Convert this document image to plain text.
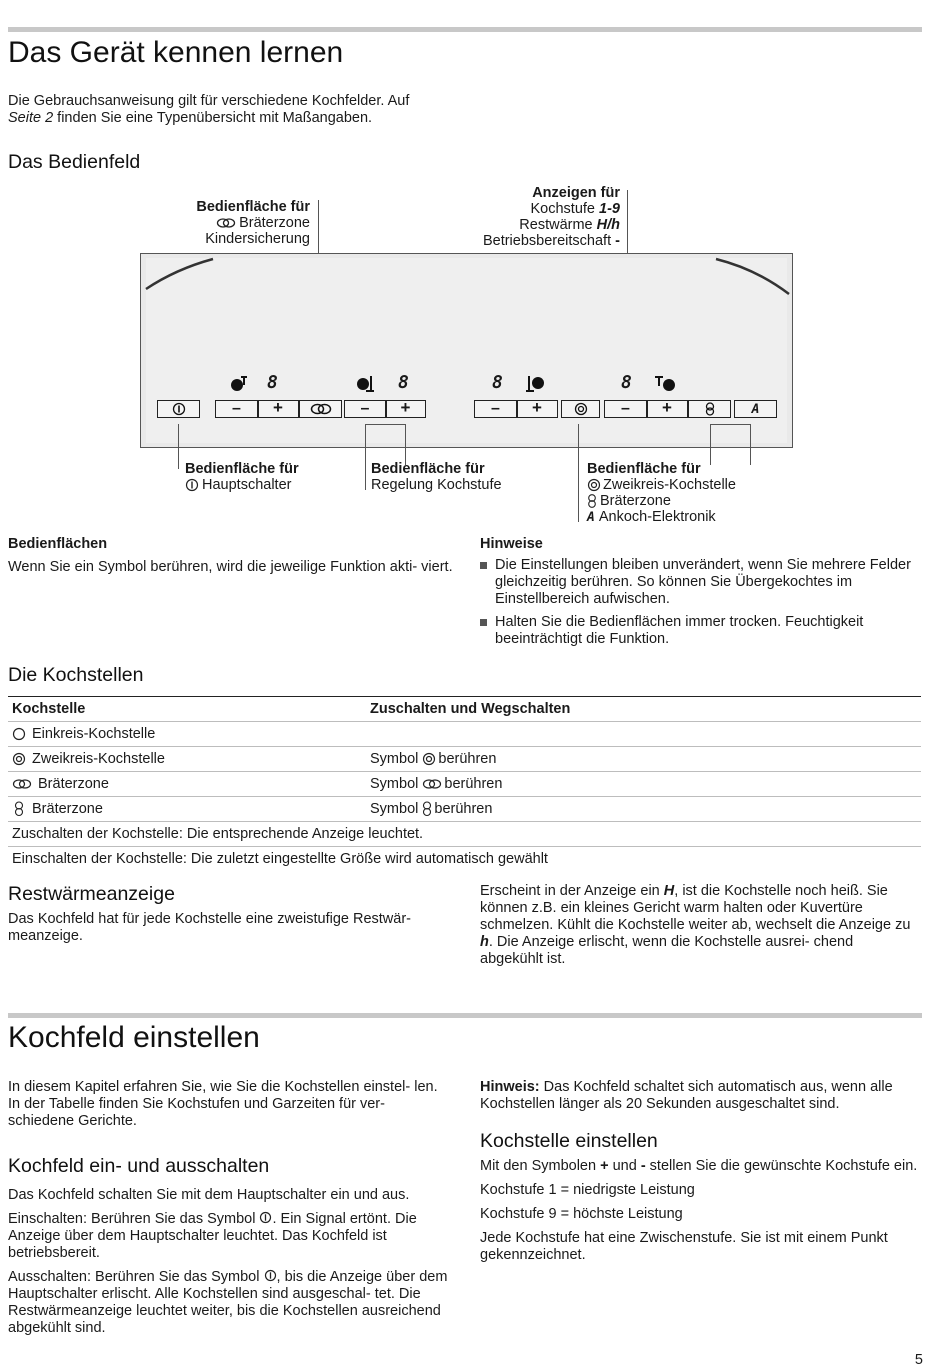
Das Gerät kennen lernen

Die Gebrauchsanweisung gilt für verschiedene Kochfelder. Auf
Seite 2 finden Sie eine Typenübersicht mit Maßangaben.

Das Bedienfeld
Bedienfläche für
Bräterzone
Kindersicherung
Anzeigen für
Kochstufe 1-9
Restwärme H/h
Betriebsbereitschaft -
8	8	8	8
–	+	–	+	–	+	–	+	A
Bedienfläche für
Hauptschalter
Bedienfläche für
Regelung Kochstufe
Bedienfläche für
Zweikreis-Kochstelle
Bräterzone
A Ankoch-Elektronik

Bedienflächen

Wenn Sie ein Symbol berühren, wird die jeweilige Funktion akti- viert.

Hinweise

Die Einstellungen bleiben unverändert, wenn Sie mehrere Felder gleichzeitig berühren. So können Sie Übergekochtes im Einstellbereich aufwischen.

Halten Sie die Bedienflächen immer trocken. Feuchtigkeit beeinträchtigt die Funktion.

Die Kochstellen
Kochstelle	Zuschalten und Wegschalten
Einkreis-Kochstelle	
Zweikreis-Kochstelle	Symbol berühren
Bräterzone	Symbol berühren
Bräterzone	Symbol berühren
Zuschalten der Kochstelle: Die entsprechende Anzeige leuchtet.	
Einschalten der Kochstelle: Die zuletzt eingestellte Größe wird automatisch gewählt	
Restwärmeanzeige

Das Kochfeld hat für jede Kochstelle eine zweistufige Restwär- meanzeige.

Erscheint in der Anzeige ein H, ist die Kochstelle noch heiß. Sie können z.B. ein kleines Gericht warm halten oder Kuvertüre schmelzen. Kühlt die Kochstelle weiter ab, wechselt die Anzeige zu h. Die Anzeige erlischt, wenn die Kochstelle ausrei- chend abgekühlt ist.

Kochfeld einstellen

In diesem Kapitel erfahren Sie, wie Sie die Kochstellen einstel- len. In der Tabelle finden Sie Kochstufen und Garzeiten für ver- schiedene Gerichte.

Hinweis: Das Kochfeld schaltet sich automatisch aus, wenn alle Kochstellen länger als 20 Sekunden ausgeschaltet sind.

Kochfeld ein- und ausschalten

Das Kochfeld schalten Sie mit dem Hauptschalter ein und aus.

Einschalten: Berühren Sie das Symbol . Ein Signal ertönt. Die Anzeige über dem Hauptschalter leuchtet. Das Kochfeld ist betriebsbereit.

Ausschalten: Berühren Sie das Symbol , bis die Anzeige über dem Hauptschalter erlischt. Alle Kochstellen sind ausgeschal- tet. Die Restwärmeanzeige leuchtet weiter, bis die Kochstellen ausreichend abgekühlt sind.

Kochstelle einstellen

Mit den Symbolen + und - stellen Sie die gewünschte Kochstufe ein.

Kochstufe 1 = niedrigste Leistung

Kochstufe 9 = höchste Leistung

Jede Kochstufe hat eine Zwischenstufe. Sie ist mit einem Punkt gekennzeichnet.

5
